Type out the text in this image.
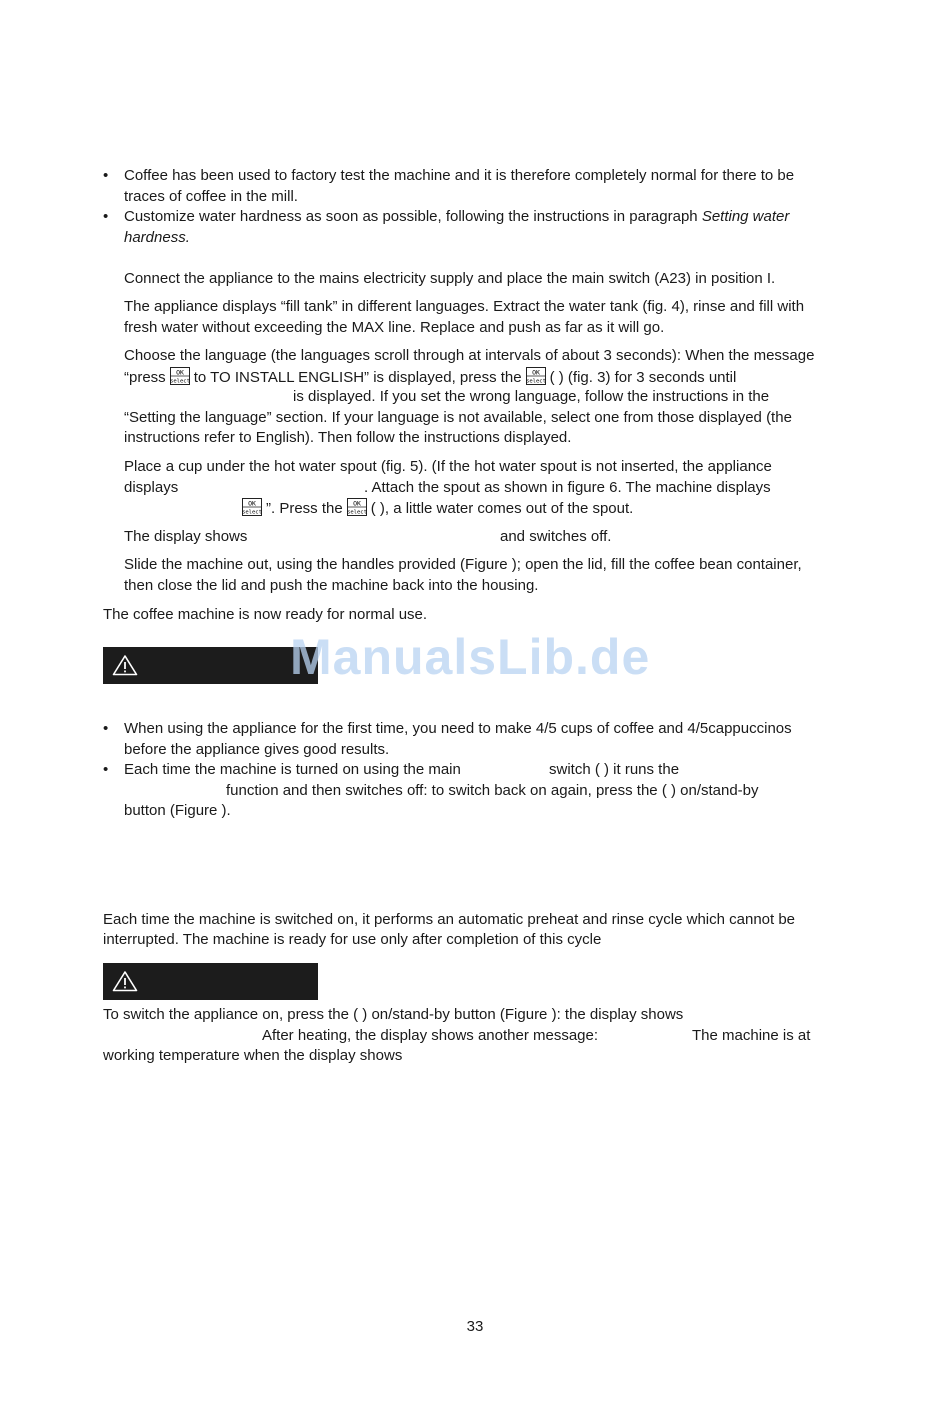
• Coffee has been used to factory test the machine and it is therefore completely normal for there to be
traces of coffee in the mill.
• Customize water hardness as soon as possible, following the instructions in paragraph Setting water
hardness.
Connect the appliance to the mains electricity supply and place the main switch (A23) in position I.
The appliance displays “fill tank” in different languages. Extract the water tank (fig. 4), rinse and fill with
fresh water without exceeding the MAX line. Replace and push as far as it will go.
Choose the language (the languages scroll through at intervals of about 3 seconds): When the message
“press OK
select to TO INSTALL ENGLISH” is displayed, press the OK
select ( ) (fig. 3) for 3 seconds until
is displayed. If you set the wrong language, follow the instructions in the
“Setting the language” section. If your language is not available, select one from those displayed (the
instructions refer to English). Then follow the instructions displayed.
Place a cup under the hot water spout (fig. 5). (If the hot water spout is not inserted, the appliance
displays	. Attach the spout as shown in figure 6. The machine displays
OK
select ”. Press the OK
select ( ), a little water comes out of the spout.
The display shows	and switches off.
Slide the machine out, using the handles provided (Figure ); open the lid, fill the coffee bean container,
then close the lid and push the machine back into the housing.
The coffee machine is now ready for normal use.
ManualsLib.de
• When using the appliance for the first time, you need to make 4/5 cups of coffee and 4/5cappuccinos
before the appliance gives good results.
• Each time the machine is turned on using the main	switch ( ) it runs the
function and then switches off: to switch back on again, press the ( ) on/stand-by
button (Figure ).
Each time the machine is switched on, it performs an automatic preheat and rinse cycle which cannot be
interrupted. The machine is ready for use only after completion of this cycle
To switch the appliance on, press the ( ) on/stand-by button (Figure ): the display shows
After heating, the display shows another message:	The machine is at
working temperature when the display shows
33
